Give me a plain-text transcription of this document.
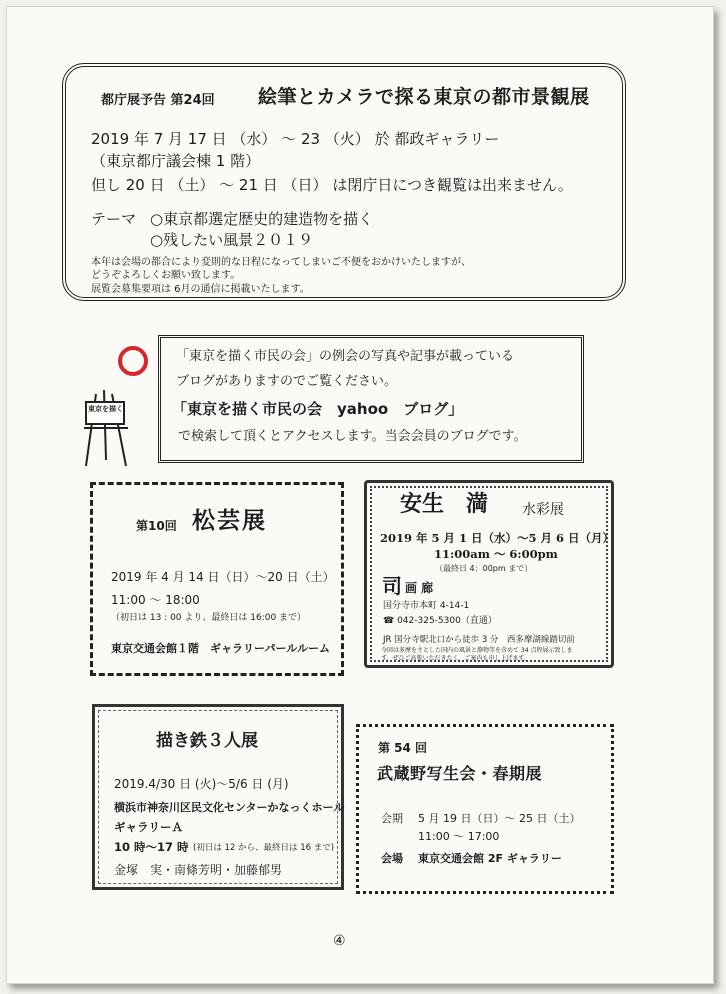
都庁展予告 第24回 絵筆とカメラで探る東京の都市景観展
2019 年 7 月 17 日 （水） ～ 23 （火） 於 都政ギャラリー
（東京都庁議会棟 1 階）
但し 20 日 （土） ～ 21 日 （日） は閉庁日につき観覧は出来ません。
テーマ ○東京都選定歴史的建造物を描く
○残したい風景２０１９
本年は会場の都合により変則的な日程になってしまいご不便をおかけいたしますが、
どうぞよろしくお願い致します。
展覧会募集要項は 6月の通信に掲載いたします。
東京を描く
「東京を描く市民の会」の例会の写真や記事が載っている
ブログがありますのでご覧ください。
「東京を描く市民の会　yahoo　ブログ」
で検索して頂くとアクセスします。当会会員のブログです。
第10回 松芸展
2019 年 4 月 14 日（日）～20 日（土）
11:00 ～ 18:00
（初日は 13 : 00 より、最終日は 16:00 まで）
東京交通会館１階　ギャラリーパールルーム
安生　満 水彩展
2019 年 5 月 1 日（水）～5 月 6 日（月）
11:00am ～ 6:00pm
（最終日 4：00pm まで）
司 画 廊
国分寺市本町 4-14-1
☎ 042-325-5300（直通）
JR 国分寺駅北口から徒歩 3 分　西多摩湖線踏切前
今回は多摩を主とした国内の風景と静物等を含めて 34 点程展示致しま
す。ぜひご高覧いただきたく、ご案内も申し上げます。
描き鉄３人展
2019.4/30 日 (火)～5/6 日 (月)
横浜市神奈川区民文化センターかなっくホール
ギャラリーＡ
10 時～17 時 (初日は 12 から、最終日は 16 まで)
金塚　実・南條芳明・加藤郁男
第 54 回
武蔵野写生会・春期展
会期 5 月 19 日（日）～ 25 日（土）
11:00 ～ 17:00
会場 東京交通会館 2F ギャラリー
④
